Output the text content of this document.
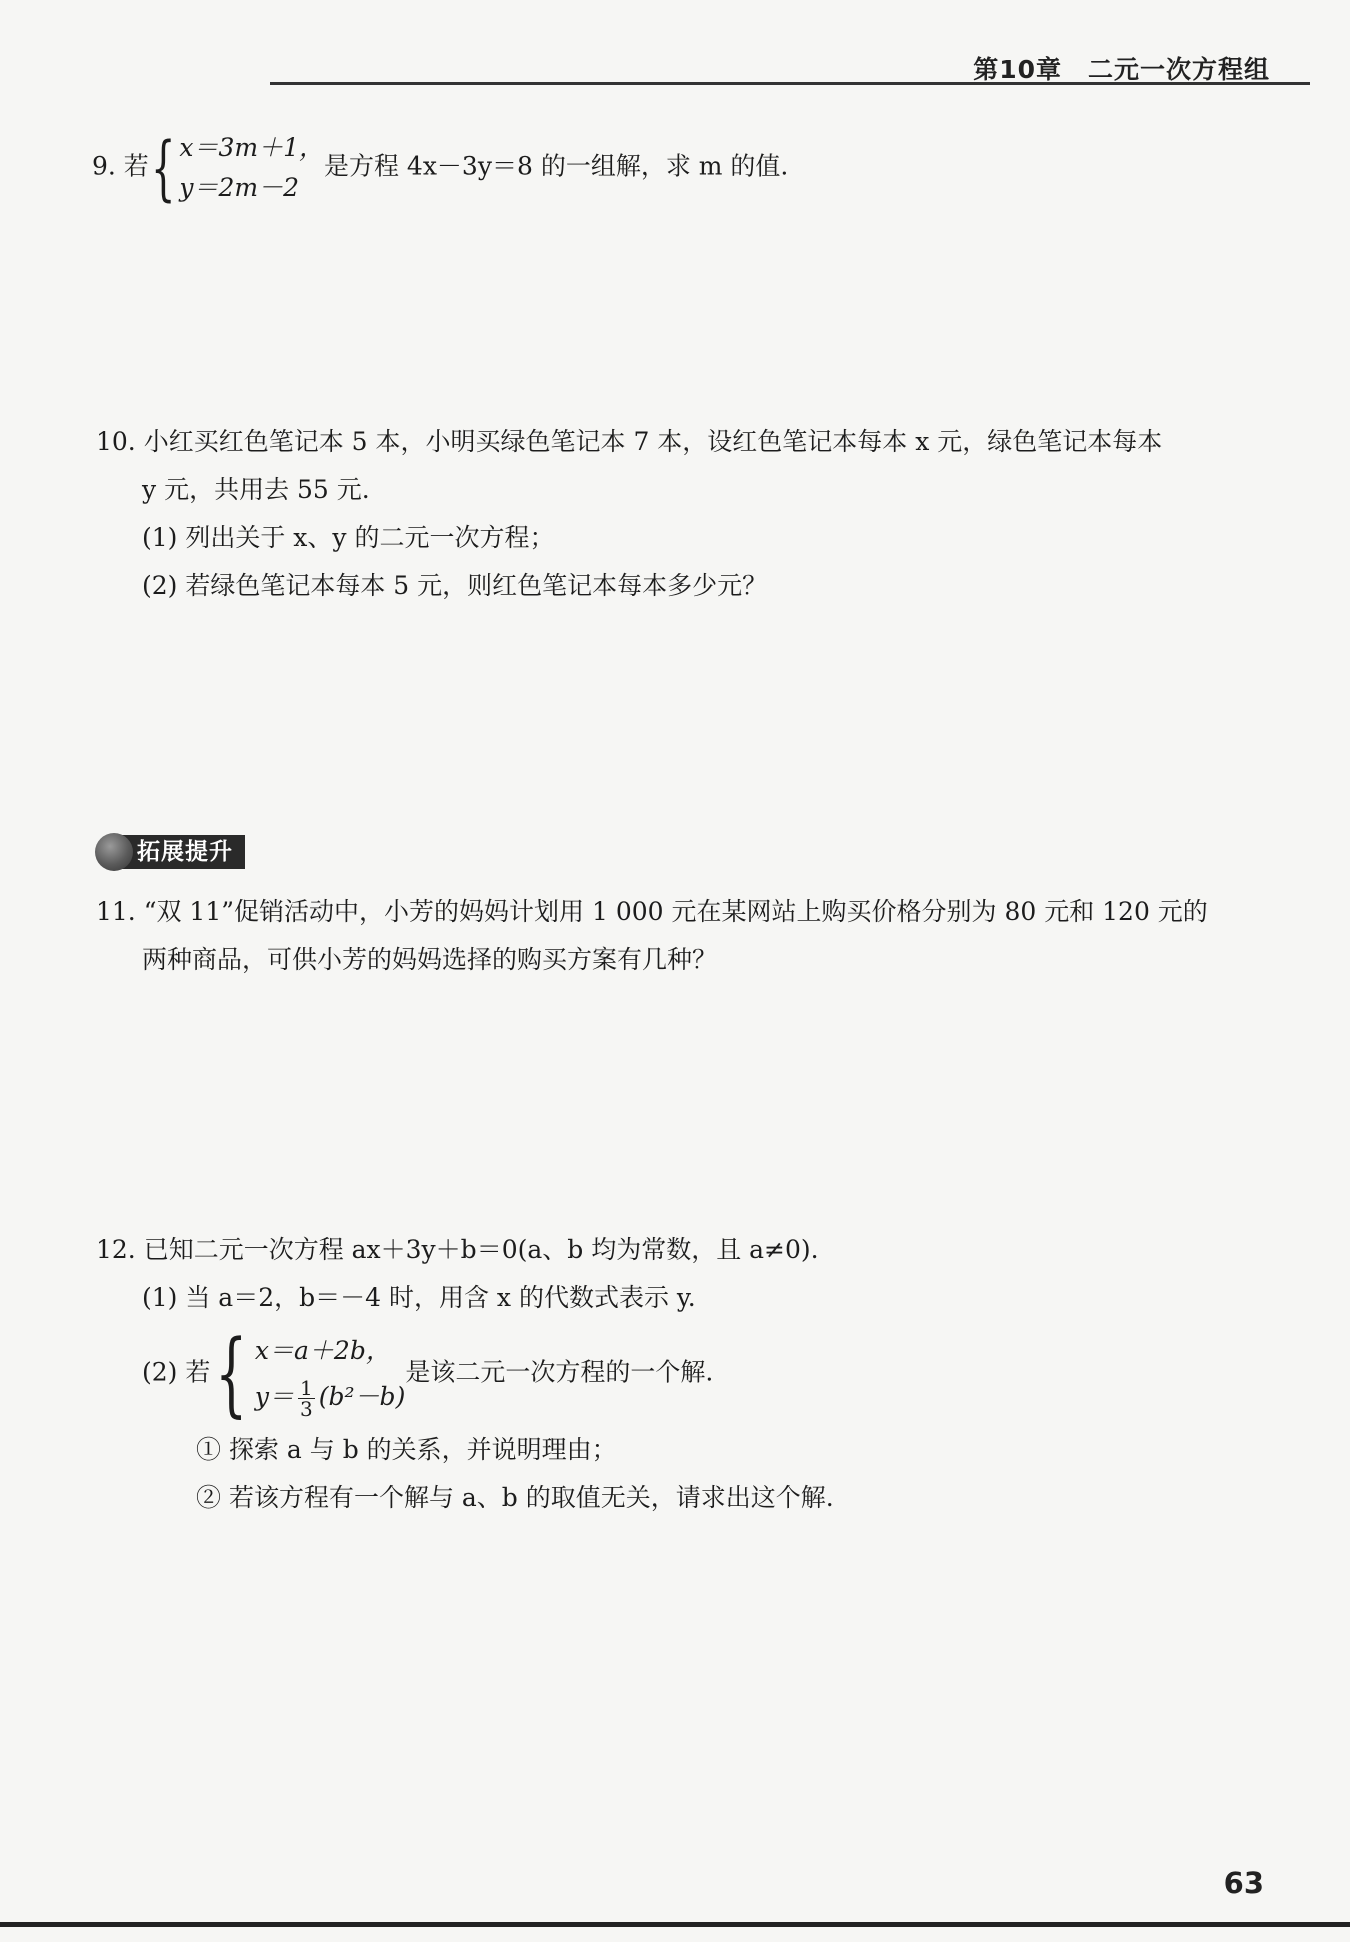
第10章　二元一次方程组
9. 若{ x＝3m＋1，
y＝2m－2
是方程 4x－3y＝8 的一组解，求 m 的值.
10. 小红买红色笔记本 5 本，小明买绿色笔记本 7 本，设红色笔记本每本 x 元，绿色笔记本每本
y 元，共用去 55 元.
(1) 列出关于 x、y 的二元一次方程；
(2) 若绿色笔记本每本 5 元，则红色笔记本每本多少元？
拓展提升
11. “双 11”促销活动中，小芳的妈妈计划用 1 000 元在某网站上购买价格分别为 80 元和 120 元的
两种商品，可供小芳的妈妈选择的购买方案有几种？
12. 已知二元一次方程 ax＋3y＋b＝0(a、b 均为常数，且 a≠0).
(1) 当 a＝2，b＝－4 时，用含 x 的代数式表示 y.
(2) 若{ x＝a＋2b，
$y= \frac{1}{3} (b^2-b)$
是该二元一次方程的一个解.
① 探索 a 与 b 的关系，并说明理由；
② 若该方程有一个解与 a、b 的取值无关，请求出这个解.
63
